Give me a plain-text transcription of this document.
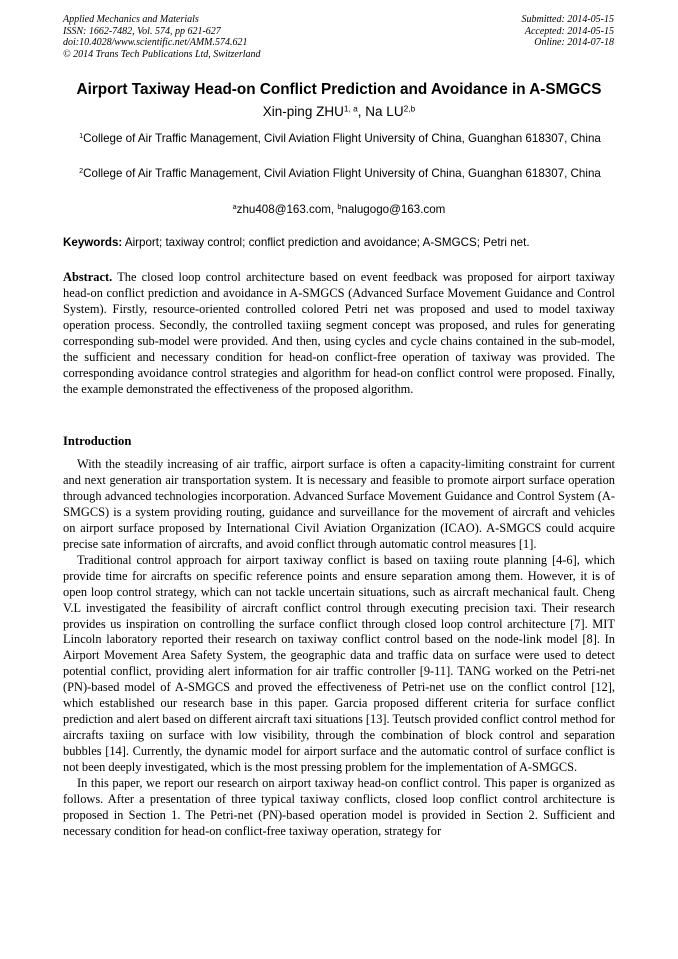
Applied Mechanics and Materials
ISSN: 1662-7482, Vol. 574, pp 621-627
doi:10.4028/www.scientific.net/AMM.574.621
© 2014 Trans Tech Publications Ltd, Switzerland
Submitted: 2014-05-15
Accepted: 2014-05-15
Online: 2014-07-18
Airport Taxiway Head-on Conflict Prediction and Avoidance in A-SMGCS
Xin-ping ZHU$^{1, a}$, Na LU$^{2,b}$
$^1$College of Air Traffic Management, Civil Aviation Flight University of China, Guanghan 618307, China
$^2$College of Air Traffic Management, Civil Aviation Flight University of China, Guanghan 618307, China
$^a$zhu408@163.com, $^b$nalugogo@163.com
Keywords: Airport; taxiway control; conflict prediction and avoidance; A-SMGCS; Petri net.

Abstract. The closed loop control architecture based on event feedback was proposed for airport taxiway head-on conflict prediction and avoidance in A-SMGCS (Advanced Surface Movement Guidance and Control System). Firstly, resource-oriented controlled colored Petri net was proposed and used to model taxiway operation process. Secondly, the controlled taxiing segment concept was proposed, and rules for generating corresponding sub-model were provided. And then, using cycles and cycle chains contained in the sub-model, the sufficient and necessary condition for head-on conflict-free operation of taxiway was provided. The corresponding avoidance control strategies and algorithm for head-on conflict control were proposed. Finally, the example demonstrated the effectiveness of the proposed algorithm.

Introduction

With the steadily increasing of air traffic, airport surface is often a capacity-limiting constraint for current and next generation air transportation system. It is necessary and feasible to promote airport surface operation through advanced technologies incorporation. Advanced Surface Movement Guidance and Control System (A-SMGCS) is a system providing routing, guidance and surveillance for the movement of aircraft and vehicles on airport surface proposed by International Civil Aviation Organization (ICAO). A-SMGCS could acquire precise sate information of aircrafts, and avoid conflict through automatic control measures [1].

Traditional control approach for airport taxiway conflict is based on taxiing route planning [4-6], which provide time for aircrafts on specific reference points and ensure separation among them. However, it is of open loop control strategy, which can not tackle uncertain situations, such as aircraft mechanical fault. Cheng V.L investigated the feasibility of aircraft conflict control through executing precision taxi. Their research provides us inspiration on controlling the surface conflict through closed loop control architecture [7]. MIT Lincoln laboratory reported their research on taxiway conflict control based on the node-link model [8]. In Airport Movement Area Safety System, the geographic data and traffic data on surface were used to detect potential conflict, providing alert information for air traffic controller [9-11]. TANG worked on the Petri-net (PN)-based model of A-SMGCS and proved the effectiveness of Petri-net use on the conflict control [12], which established our research base in this paper. Garcia proposed different criteria for surface conflict prediction and alert based on different aircraft taxi situations [13]. Teutsch provided conflict control method for aircrafts taxiing on surface with low visibility, through the combination of block control and separation bubbles [14]. Currently, the dynamic model for airport surface and the automatic control of surface conflict is not been deeply investigated, which is the most pressing problem for the implementation of A-SMGCS.

In this paper, we report our research on airport taxiway head-on conflict control. This paper is organized as follows. After a presentation of three typical taxiway conflicts, closed loop conflict control architecture is proposed in Section 1. The Petri-net (PN)-based operation model is provided in Section 2. Sufficient and necessary condition for head-on conflict-free taxiway operation, strategy for
